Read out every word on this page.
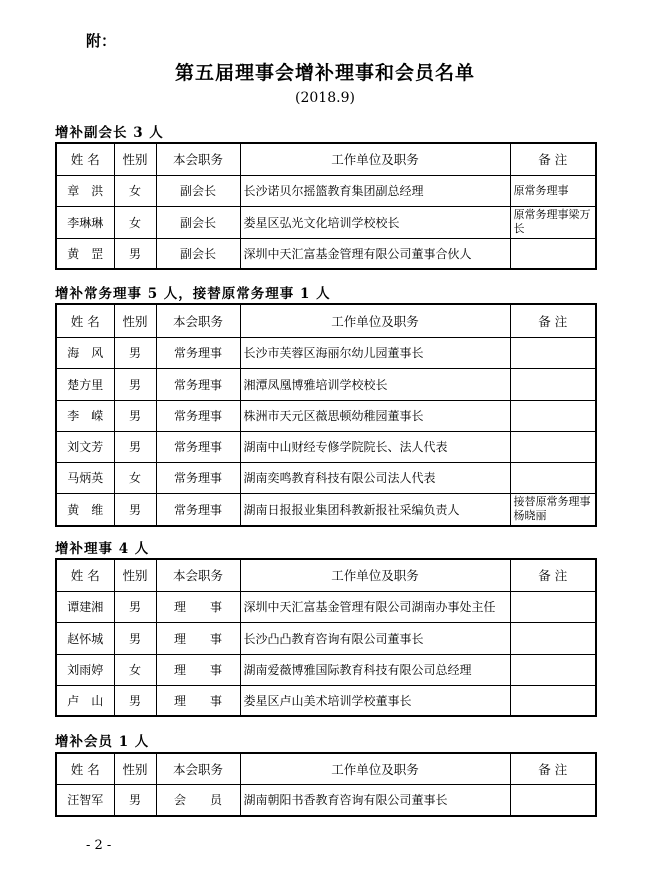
附：
第五届理事会增补理事和会员名单
(2018.9)
增补副会长 3 人
姓 名	性别	本会职务	工作单位及职务	备 注
章　洪	女	副会长	长沙诺贝尔摇篮教育集团副总经理	原常务理事
李琳琳	女	副会长	娄星区弘光文化培训学校校长	原常务理事梁万长
黄　罡	男	副会长	深圳中天汇富基金管理有限公司董事合伙人	
增补常务理事 5 人，接替原常务理事 1 人
姓 名	性别	本会职务	工作单位及职务	备 注
海　风	男	常务理事	长沙市芙蓉区海丽尔幼儿园董事长	
楚方里	男	常务理事	湘潭凤凰博雅培训学校校长	
李　嵘	男	常务理事	株洲市天元区薇思顿幼稚园董事长	
刘文芳	男	常务理事	湖南中山财经专修学院院长、法人代表	
马炳英	女	常务理事	湖南奕鸣教育科技有限公司法人代表	
黄　维	男	常务理事	湖南日报报业集团科教新报社采编负责人	接替原常务理事杨晓丽
增补理事 4 人
姓 名	性别	本会职务	工作单位及职务	备 注
谭建湘	男	理　　事	深圳中天汇富基金管理有限公司湖南办事处主任	
赵怀城	男	理　　事	长沙凸凸教育咨询有限公司董事长	
刘雨婷	女	理　　事	湖南爱薇博雅国际教育科技有限公司总经理	
卢　山	男	理　　事	娄星区卢山美术培训学校董事长	
增补会员 1 人
姓 名	性别	本会职务	工作单位及职务	备 注
汪智军	男	会　　员	湖南朝阳书香教育咨询有限公司董事长	
- 2 -
